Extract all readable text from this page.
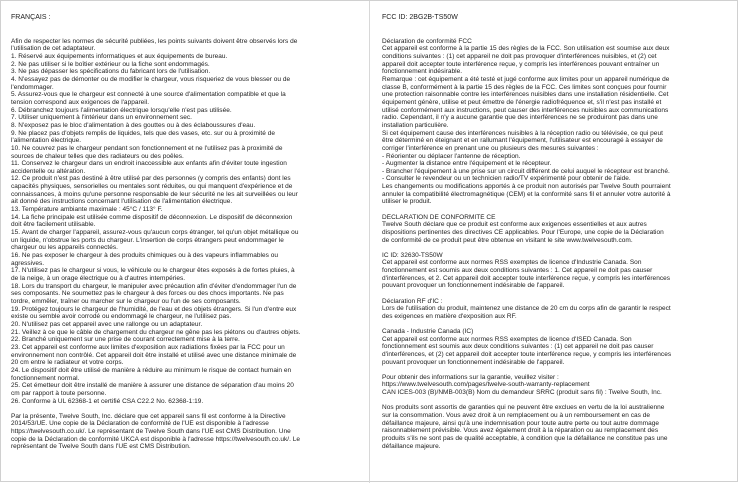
FRANÇAIS :
Afin de respecter les normes de sécurité publiées, les points suivants doivent être observés lors de
l'utilisation de cet adaptateur.
1. Réservé aux équipements informatiques et aux équipements de bureau.
2. Ne pas utiliser si le boîtier extérieur ou la fiche sont endommagés.
3. Ne pas dépasser les spécifications du fabricant lors de l'utilisation.
4. N'essayez pas de démonter ou de modifier le chargeur, vous risqueriez de vous blesser ou de
l'endommager.
5. Assurez-vous que le chargeur est connecté à une source d'alimentation compatible et que la
tension correspond aux exigences de l'appareil.
6. Débranchez toujours l'alimentation électrique lorsqu'elle n'est pas utilisée.
7. Utiliser uniquement à l'intérieur dans un environnement sec.
8. N'exposez pas le bloc d'alimentation à des gouttes ou à des éclaboussures d'eau.
9. Ne placez pas d'objets remplis de liquides, tels que des vases, etc. sur ou à proximité de
l'alimentation électrique.
10. Ne couvrez pas le chargeur pendant son fonctionnement et ne l'utilisez pas à proximité de
sources de chaleur telles que des radiateurs ou des poêles.
11. Conservez le chargeur dans un endroit inaccessible aux enfants afin d'éviter toute ingestion
accidentelle ou altération.
12. Ce produit n'est pas destiné à être utilisé par des personnes (y compris des enfants) dont les
capacités physiques, sensorielles ou mentales sont réduites, ou qui manquent d'expérience et de
connaissances, à moins qu'une personne responsable de leur sécurité ne les ait surveillées ou leur
ait donné des instructions concernant l'utilisation de l'alimentation électrique.
13. Température ambiante maximale : 45°C / 113° F.
14. La fiche principale est utilisée comme dispositif de déconnexion. Le dispositif de déconnexion
doit être facilement utilisable.
15. Avant de charger l'appareil, assurez-vous qu'aucun corps étranger, tel qu'un objet métallique ou
un liquide, n'obstrue les ports du chargeur. L'insertion de corps étrangers peut endommager le
chargeur ou les appareils connectés.
16. Ne pas exposer le chargeur à des produits chimiques ou à des vapeurs inflammables ou
agressives.
17. N'utilisez pas le chargeur si vous, le véhicule ou le chargeur êtes exposés à de fortes pluies, à
de la neige, à un orage électrique ou à d'autres intempéries.
18. Lors du transport du chargeur, le manipuler avec précaution afin d'éviter d'endommager l'un de
ses composants. Ne soumettez pas le chargeur à des forces ou des chocs importants. Ne pas
tordre, emmêler, traîner ou marcher sur le chargeur ou l'un de ses composants.
19. Protégez toujours le chargeur de l'humidité, de l'eau et des objets étrangers. Si l'un d'entre eux
existe ou semble avoir corrodé ou endommagé le chargeur, ne l'utilisez pas.
20. N'utilisez pas cet appareil avec une rallonge ou un adaptateur.
21. Veillez à ce que le câble de chargement du chargeur ne gêne pas les piétons ou d'autres objets.
22. Branché uniquement sur une prise de courant correctement mise à la terre.
23. Cet appareil est conforme aux limites d'exposition aux radiations fixées par la FCC pour un
environnement non contrôlé. Cet appareil doit être installé et utilisé avec une distance minimale de
20 cm entre le radiateur et votre corps.
24. Le dispositif doit être utilisé de manière à réduire au minimum le risque de contact humain en
fonctionnement normal.
25. Cet émetteur doit être installé de manière à assurer une distance de séparation d'au moins 20
cm par rapport à toute personne.
26. Conforme à UL 62368-1 et certifié CSA C22.2 No. 62368-1:19.
Par la présente, Twelve South, Inc. déclare que cet appareil sans fil est conforme à la Directive
2014/53/UE. Une copie de la Déclaration de conformité de l'UE est disponible à l'adresse
https://twelvesouth.co.uk/. Le représentant de Twelve South dans l'UE est CMS Distribution. Une
copie de la Déclaration de conformité UKCA est disponible à l'adresse https://twelvesouth.co.uk/. Le
représentant de Twelve South dans l'UE est CMS Distribution.
FCC ID: 2BG2B-TS50W
Déclaration de conformité FCC
Cet appareil est conforme à la partie 15 des règles de la FCC. Son utilisation est soumise aux deux
conditions suivantes : (1) cet appareil ne doit pas provoquer d'interférences nuisibles, et (2) cet
appareil doit accepter toute interférence reçue, y compris les interférences pouvant entraîner un
fonctionnement indésirable.
Remarque : cet équipement a été testé et jugé conforme aux limites pour un appareil numérique de
classe B, conformément à la partie 15 des règles de la FCC. Ces limites sont conçues pour fournir
une protection raisonnable contre les interférences nuisibles dans une installation résidentielle. Cet
équipement génère, utilise et peut émettre de l'énergie radiofréquence et, s'il n'est pas installé et
utilisé conformément aux instructions, peut causer des interférences nuisibles aux communications
radio. Cependant, il n'y a aucune garantie que des interférences ne se produiront pas dans une
installation particulière.
Si cet équipement cause des interférences nuisibles à la réception radio ou télévisée, ce qui peut
être déterminé en éteignant et en rallumant l'équipement, l'utilisateur est encouragé à essayer de
corriger l'interférence en prenant une ou plusieurs des mesures suivantes :
- Réorienter ou déplacer l'antenne de réception.
- Augmenter la distance entre l'équipement et le récepteur.
- Brancher l'équipement à une prise sur un circuit différent de celui auquel le récepteur est branché.
- Consulter le revendeur ou un technicien radio/TV expérimenté pour obtenir de l'aide.
Les changements ou modifications apportés à ce produit non autorisés par Twelve South pourraient
annuler la compatibilité électromagnétique (CEM) et la conformité sans fil et annuler votre autorité à
utiliser le produit.
DÉCLARATION DE CONFORMITÉ CE
Twelve South déclare que ce produit est conforme aux exigences essentielles et aux autres
dispositions pertinentes des directives CE applicables. Pour l'Europe, une copie de la Déclaration
de conformité de ce produit peut être obtenue en visitant le site www.twelvesouth.com.
IC ID: 32630-TS50W
Cet appareil est conforme aux normes RSS exemptes de licence d'Industrie Canada. Son
fonctionnement est soumis aux deux conditions suivantes : 1. Cet appareil ne doit pas causer
d'interférences, et 2. Cet appareil doit accepter toute interférence reçue, y compris les interférences
pouvant provoquer un fonctionnement indésirable de l'appareil.
Déclaration RF d'IC :
Lors de l'utilisation du produit, maintenez une distance de 20 cm du corps afin de garantir le respect
des exigences en matière d'exposition aux RF.
Canada - Industrie Canada (IC)
Cet appareil est conforme aux normes RSS exemptes de licence d'ISED Canada. Son
fonctionnement est soumis aux deux conditions suivantes : (1) cet appareil ne doit pas causer
d'interférences, et (2) cet appareil doit accepter toute interférence reçue, y compris les interférences
pouvant provoquer un fonctionnement indésirable de l'appareil.
Pour obtenir des informations sur la garantie, veuillez visiter :
https://www.twelvesouth.com/pages/twelve-south-warranty-replacement
CAN ICES-003 (B)/NMB-003(B) Nom du demandeur SRRC (produit sans fil) : Twelve South, Inc.
Nos produits sont assortis de garanties qui ne peuvent être exclues en vertu de la loi australienne
sur la consommation. Vous avez droit à un remplacement ou à un remboursement en cas de
défaillance majeure, ainsi qu'à une indemnisation pour toute autre perte ou tout autre dommage
raisonnablement prévisible. Vous avez également droit à la réparation ou au remplacement des
produits s'ils ne sont pas de qualité acceptable, à condition que la défaillance ne constitue pas une
défaillance majeure.
